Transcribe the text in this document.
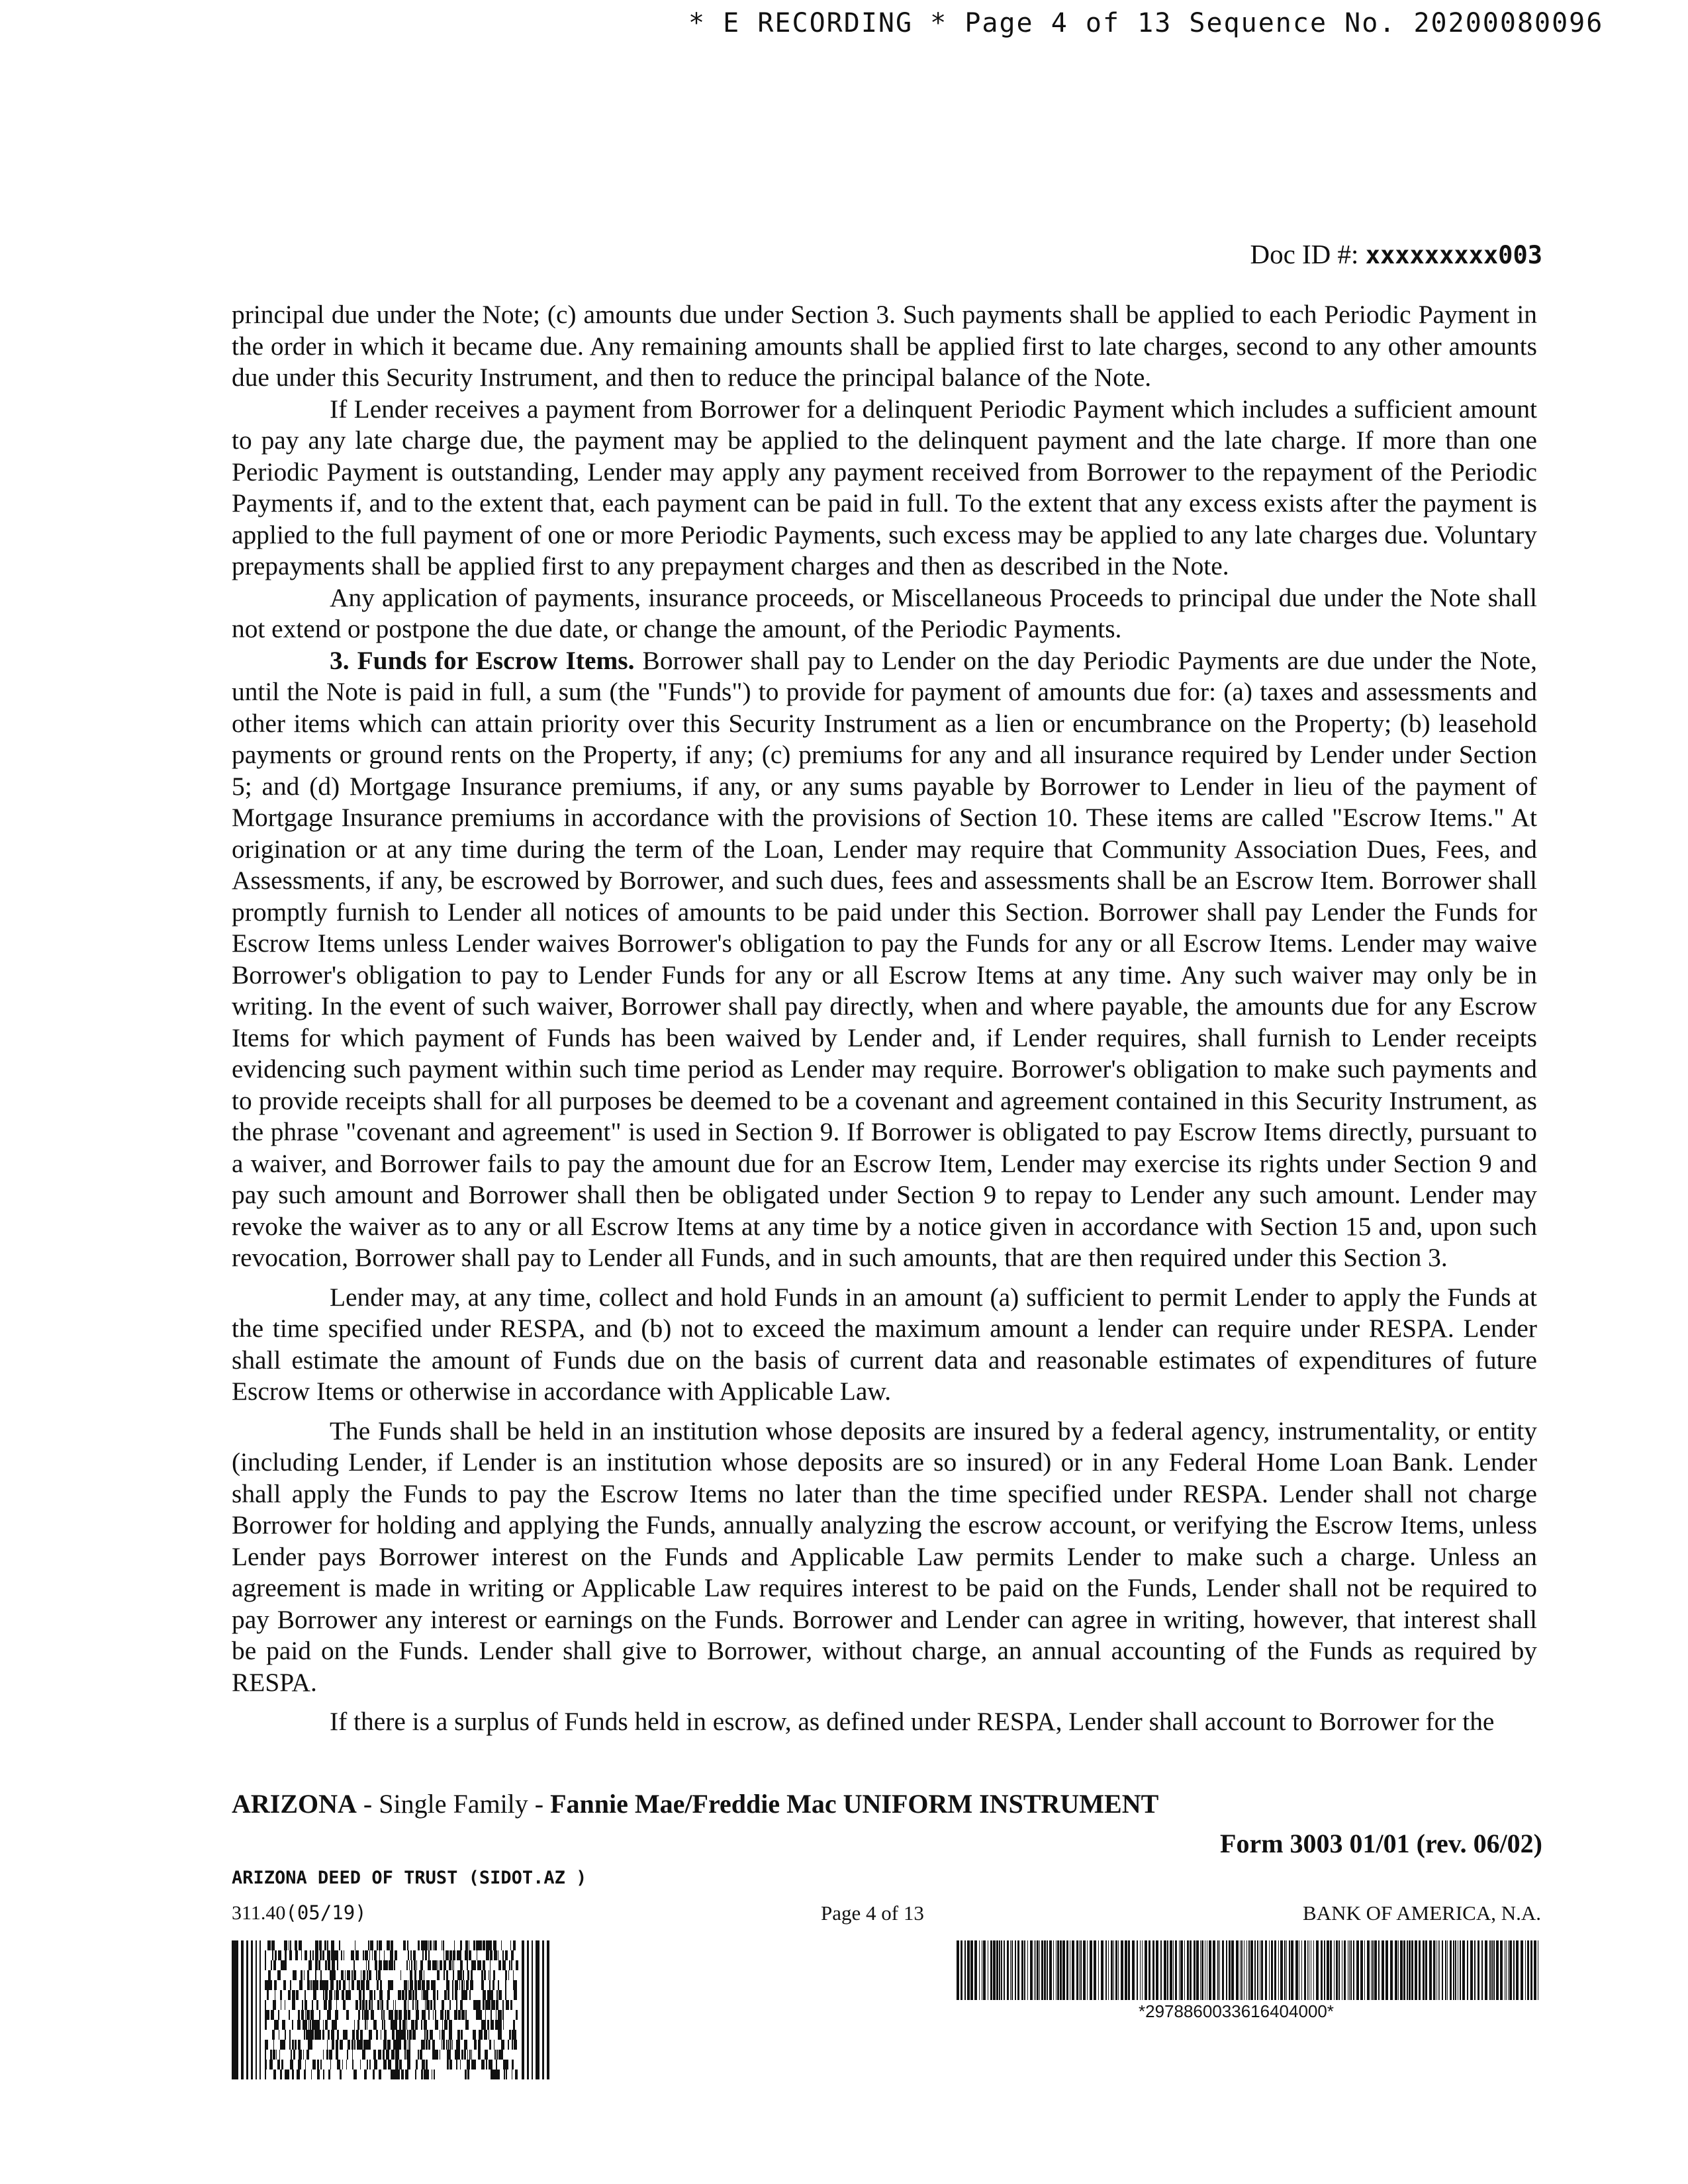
* E RECORDING * Page 4 of 13 Sequence No. 20200080096
Doc ID #: xxxxxxxxx003

principal due under the Note; (c) amounts due under Section 3. Such payments shall be applied to each Periodic Payment in the order in which it became due. Any remaining amounts shall be applied first to late charges, second to any other amounts due under this Security Instrument, and then to reduce the principal balance of the Note.

If Lender receives a payment from Borrower for a delinquent Periodic Payment which includes a sufficient amount to pay any late charge due, the payment may be applied to the delinquent payment and the late charge. If more than one Periodic Payment is outstanding, Lender may apply any payment received from Borrower to the repayment of the Periodic Payments if, and to the extent that, each payment can be paid in full. To the extent that any excess exists after the payment is applied to the full payment of one or more Periodic Payments, such excess may be applied to any late charges due. Voluntary prepayments shall be applied first to any prepayment charges and then as described in the Note.

Any application of payments, insurance proceeds, or Miscellaneous Proceeds to principal due under the Note shall not extend or postpone the due date, or change the amount, of the Periodic Payments.

3. Funds for Escrow Items. Borrower shall pay to Lender on the day Periodic Payments are due under the Note, until the Note is paid in full, a sum (the "Funds") to provide for payment of amounts due for: (a) taxes and assessments and other items which can attain priority over this Security Instrument as a lien or encumbrance on the Property; (b) leasehold payments or ground rents on the Property, if any; (c) premiums for any and all insurance required by Lender under Section 5; and (d) Mortgage Insurance premiums, if any, or any sums payable by Borrower to Lender in lieu of the payment of Mortgage Insurance premiums in accordance with the provisions of Section 10. These items are called "Escrow Items." At origination or at any time during the term of the Loan, Lender may require that Community Association Dues, Fees, and Assessments, if any, be escrowed by Borrower, and such dues, fees and assessments shall be an Escrow Item. Borrower shall promptly furnish to Lender all notices of amounts to be paid under this Section. Borrower shall pay Lender the Funds for Escrow Items unless Lender waives Borrower's obligation to pay the Funds for any or all Escrow Items. Lender may waive Borrower's obligation to pay to Lender Funds for any or all Escrow Items at any time. Any such waiver may only be in writing. In the event of such waiver, Borrower shall pay directly, when and where payable, the amounts due for any Escrow Items for which payment of Funds has been waived by Lender and, if Lender requires, shall furnish to Lender receipts evidencing such payment within such time period as Lender may require. Borrower's obligation to make such payments and to provide receipts shall for all purposes be deemed to be a covenant and agreement contained in this Security Instrument, as the phrase "covenant and agreement" is used in Section 9. If Borrower is obligated to pay Escrow Items directly, pursuant to a waiver, and Borrower fails to pay the amount due for an Escrow Item, Lender may exercise its rights under Section 9 and pay such amount and Borrower shall then be obligated under Section 9 to repay to Lender any such amount. Lender may revoke the waiver as to any or all Escrow Items at any time by a notice given in accordance with Section 15 and, upon such revocation, Borrower shall pay to Lender all Funds, and in such amounts, that are then required under this Section 3.

Lender may, at any time, collect and hold Funds in an amount (a) sufficient to permit Lender to apply the Funds at the time specified under RESPA, and (b) not to exceed the maximum amount a lender can require under RESPA. Lender shall estimate the amount of Funds due on the basis of current data and reasonable estimates of expenditures of future Escrow Items or otherwise in accordance with Applicable Law.

The Funds shall be held in an institution whose deposits are insured by a federal agency, instrumentality, or entity (including Lender, if Lender is an institution whose deposits are so insured) or in any Federal Home Loan Bank. Lender shall apply the Funds to pay the Escrow Items no later than the time specified under RESPA. Lender shall not charge Borrower for holding and applying the Funds, annually analyzing the escrow account, or verifying the Escrow Items, unless Lender pays Borrower interest on the Funds and Applicable Law permits Lender to make such a charge. Unless an agreement is made in writing or Applicable Law requires interest to be paid on the Funds, Lender shall not be required to pay Borrower any interest or earnings on the Funds. Borrower and Lender can agree in writing, however, that interest shall be paid on the Funds. Lender shall give to Borrower, without charge, an annual accounting of the Funds as required by RESPA.

If there is a surplus of Funds held in escrow, as defined under RESPA, Lender shall account to Borrower for the

ARIZONA - Single Family - Fannie Mae/Freddie Mac UNIFORM INSTRUMENT
Form 3003 01/01 (rev. 06/02)
ARIZONA DEED OF TRUST (SIDOT.AZ )
311.40(05/19)	Page 4 of 13	BANK OF AMERICA, N.A.
*2978860033616404000*
